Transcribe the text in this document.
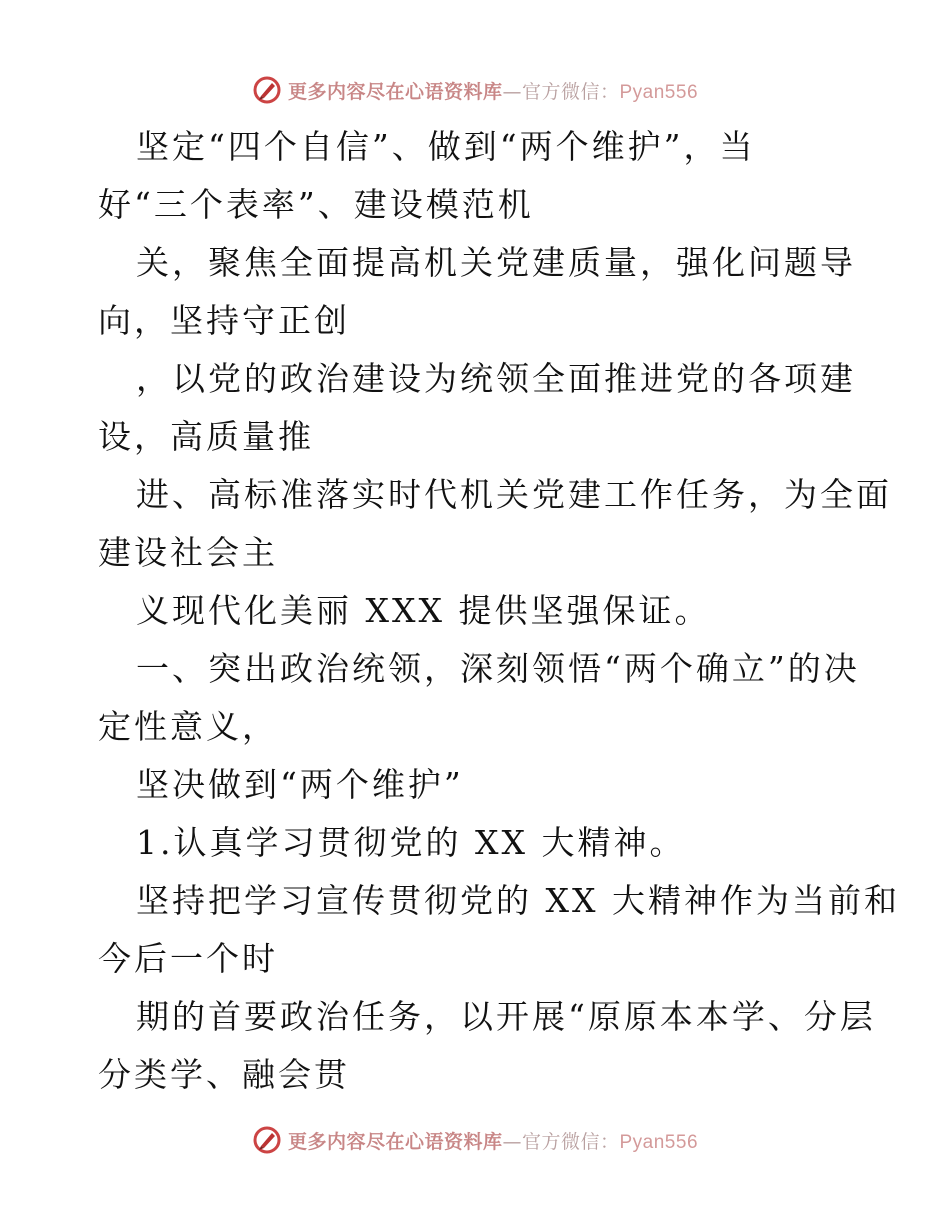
更多内容尽在心语资料库—官方微信：Pyan556
坚定“四个自信”、做到“两个维护”，当
好“三个表率”、建设模范机
关，聚焦全面提高机关党建质量，强化问题导
向，坚持守正创
，以党的政治建设为统领全面推进党的各项建
设，高质量推
进、高标准落实时代机关党建工作任务，为全面
建设社会主
义现代化美丽 XXX 提供坚强保证。
一、突出政治统领，深刻领悟“两个确立”的决
定性意义，
坚决做到“两个维护”
1.认真学习贯彻党的 XX 大精神。
坚持把学习宣传贯彻党的 XX 大精神作为当前和
今后一个时
期的首要政治任务，以开展“原原本本学、分层
分类学、融会贯
更多内容尽在心语资料库—官方微信：Pyan556
